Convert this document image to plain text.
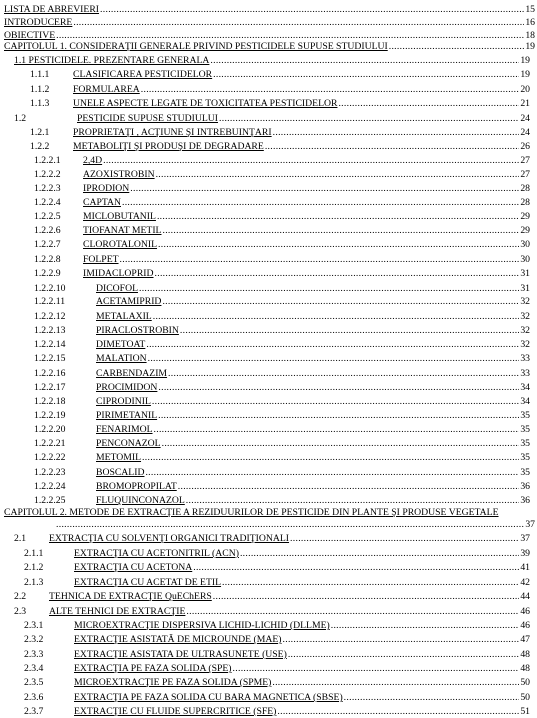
LISTA DE ABREVIERI .....	15
INTRODUCERE .....	16
OBIECTIVE .....	18
CAPITOLUL 1. CONSIDERAŢII GENERALE PRIVIND PESTICIDELE SUPUSE STUDIULUI .....	19
1.1 PESTICIDELE. PREZENTARE GENERALA .....	19
1.1.1	CLASIFICAREA PESTICIDELOR .....	19
1.1.2	FORMULAREA .....	20
1.1.3	UNELE ASPECTE LEGATE DE TOXICITATEA PESTICIDELOR .....	21
1.2	PESTICIDE SUPUSE STUDIULUI .....	24
1.2.1	PROPRIETAŢI , ACŢIUNE ŞI INTREBUINŢARI .....	24
1.2.2	METABOLIŢI ŞI PRODUŞI DE DEGRADARE .....	26
1.2.2.1	2,4D .....	27
1.2.2.2	AZOXISTROBIN .....	27
1.2.2.3	IPRODION .....	28
1.2.2.4	CAPTAN .....	28
1.2.2.5	MICLOBUTANIL .....	29
1.2.2.6	TIOFANAT METIL .....	29
1.2.2.7	CLOROTALONIL .....	30
1.2.2.8	FOLPET .....	30
1.2.2.9	IMIDACLOPRID .....	31
1.2.2.10	DICOFOL .....	31
1.2.2.11	ACETAMIPRID .....	32
1.2.2.12	METALAXIL .....	32
1.2.2.13	PIRACLOSTROBIN .....	32
1.2.2.14	DIMETOAT .....	32
1.2.2.15	MALATION .....	33
1.2.2.16	CARBENDAZIM .....	33
1.2.2.17	PROCIMIDON .....	34
1.2.2.18	CIPRODINIL .....	34
1.2.2.19	PIRIMETANIL .....	35
1.2.2.20	FENARIMOL .....	35
1.2.2.21	PENCONAZOL .....	35
1.2.2.22	METOMIL .....	35
1.2.2.23	BOSCALID .....	35
1.2.2.24	BROMOPROPILAT .....	36
1.2.2.25	FLUQUINCONAZOL .....	36
CAPITOLUL 2. METODE DE EXTRACŢIE A REZIDUURILOR DE PESTICIDE DIN PLANTE ŞI PRODUSE VEGETALE
.....
37
2.1	EXTRACŢIA CU SOLVENŢI ORGANICI TRADIŢIONALI .....	37
2.1.1	EXTRACŢIA CU ACETONITRIL (ACN) .....	39
2.1.2	EXTRACŢIA CU ACETONA .....	41
2.1.3	EXTRACŢIA CU ACETAT DE ETIL .....	42
2.2	TEHNICA DE EXTRACŢIE QuEChERS .....	44
2.3	ALTE TEHNICI DE EXTRACŢIE .....	46
2.3.1	MICROEXTRACŢIE DISPERSIVA LICHID-LICHID (DLLME) .....	46
2.3.2	EXTRACŢIE ASISTATĂ DE MICROUNDE (MAE) .....	47
2.3.3	EXTRACŢIE ASISTATA DE ULTRASUNETE (USE) .....	48
2.3.4	EXTRACŢIA PE FAZA SOLIDA (SPE) .....	48
2.3.5	MICROEXTRACŢIE PE FAZA SOLIDA (SPME) .....	50
2.3.6	EXTRACŢIA PE FAZA SOLIDA CU BARA MAGNETICA (SBSE) .....	50
2.3.7	EXTRACŢIE CU FLUIDE SUPERCRITICE (SFE) .....	51
